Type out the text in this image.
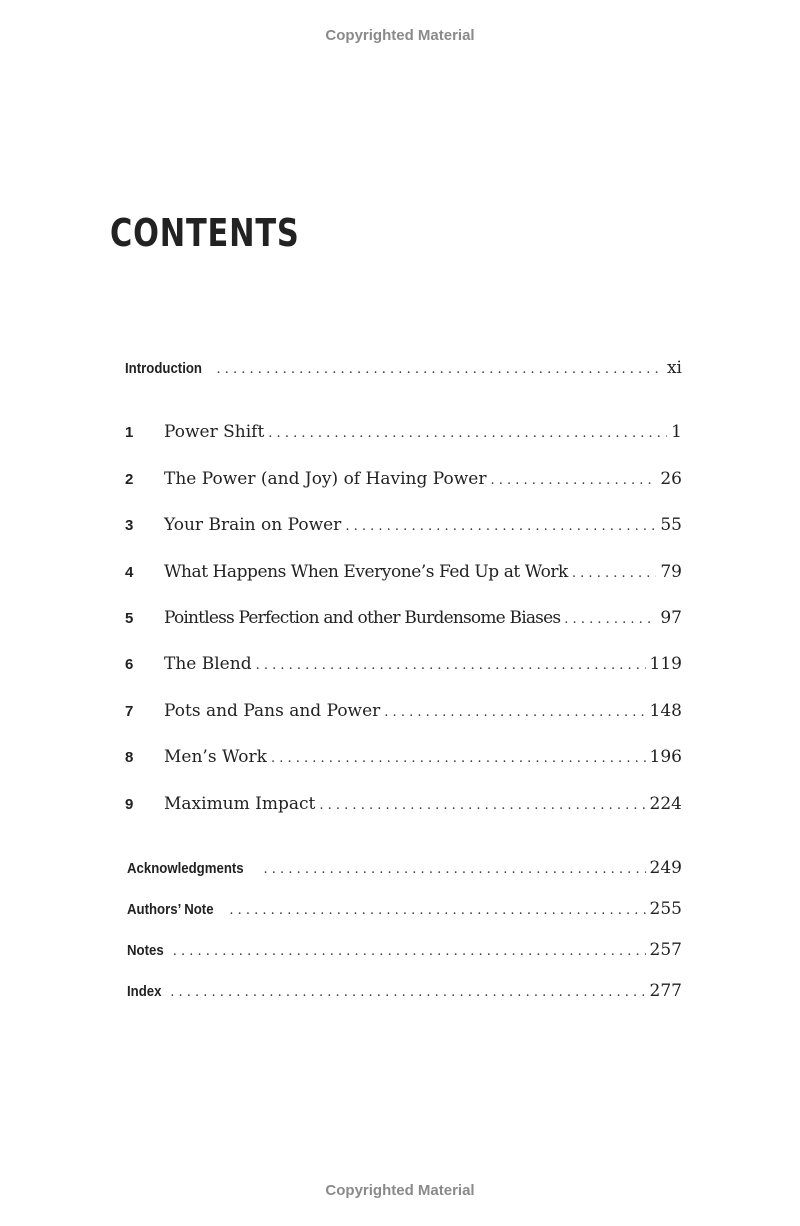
Copyrighted Material
CONTENTS
Introduction . . .	xi
1	Power Shift . . .	1
2	The Power (and Joy) of Having Power . . .	26
3	Your Brain on Power . . .	55
4	What Happens When Everyone’s Fed Up at Work . . .	79
5	Pointless Perfection and other Burdensome Biases . . .	97
6	The Blend . . .	119
7	Pots and Pans and Power . . .	148
8	Men’s Work . . .	196
9	Maximum Impact . . .	224
Acknowledgments . . .	249
Authors’ Note . . .	255
Notes . . .	257
Index . . .	277
Copyrighted Material
